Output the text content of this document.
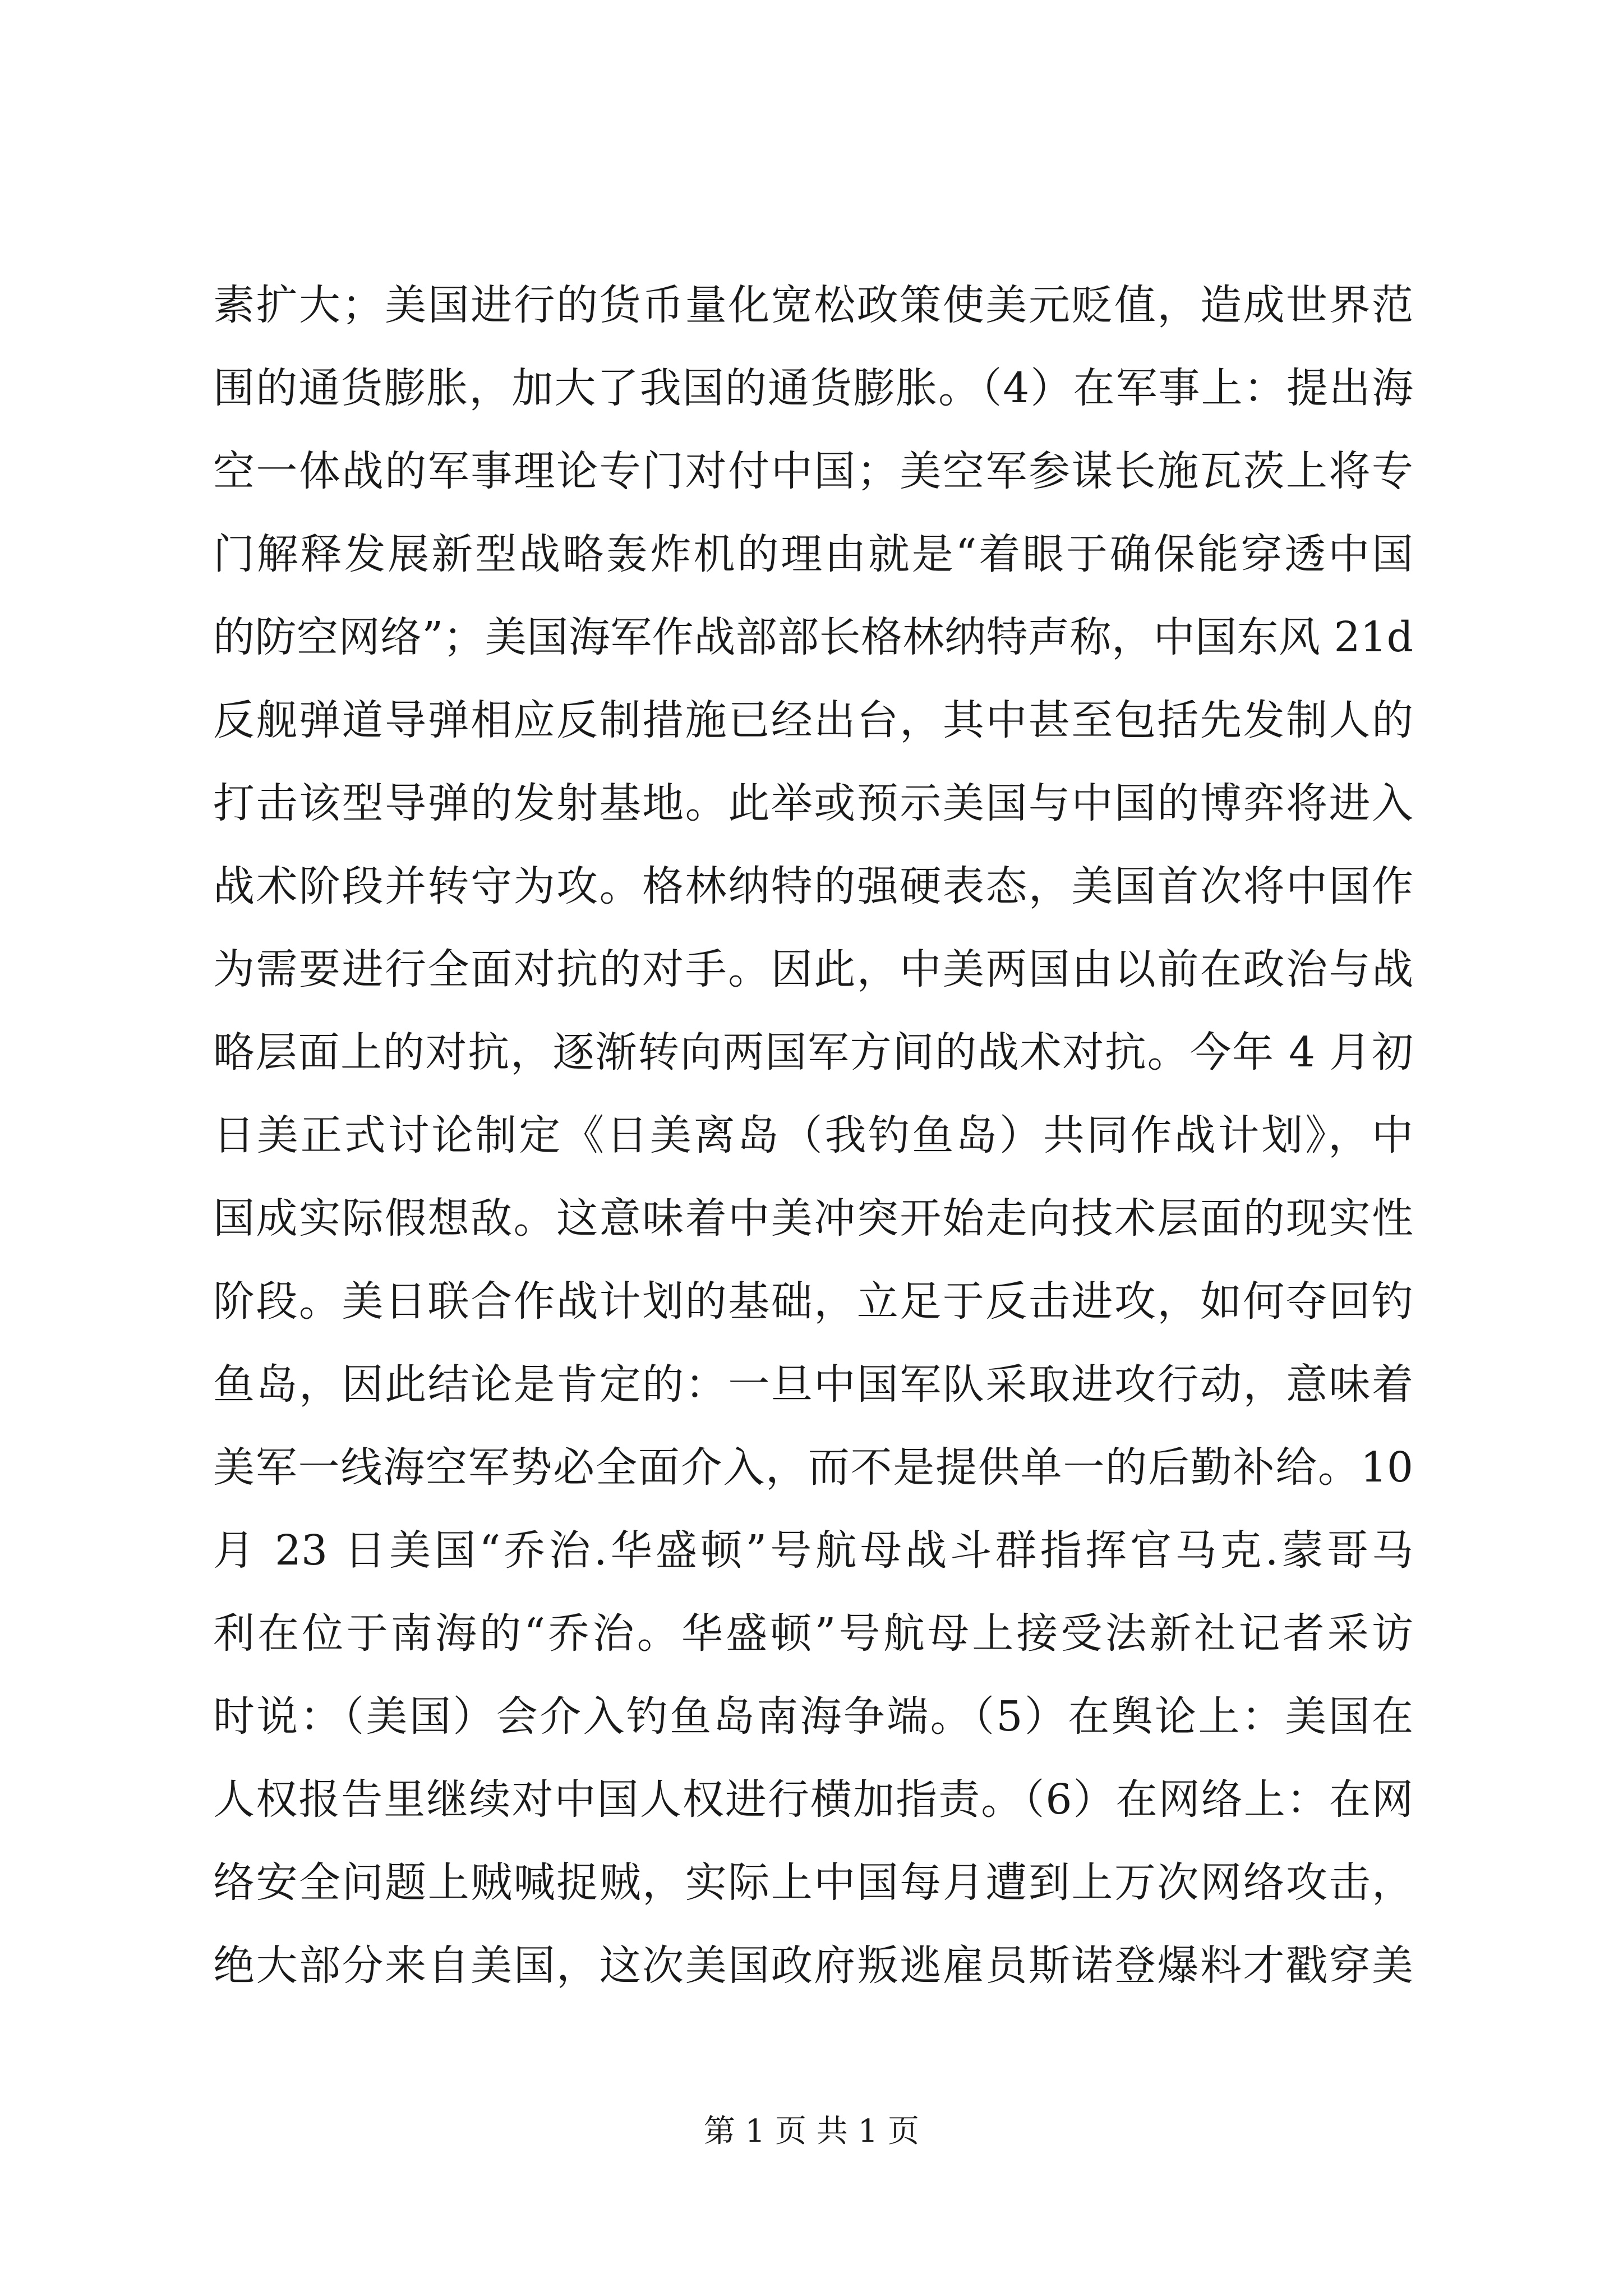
素扩大；美国进行的货币量化宽松政策使美元贬值，造成世界范
围的通货膨胀，加大了我国的通货膨胀。（4）在军事上：提出海
空一体战的军事理论专门对付中国；美空军参谋长施瓦茨上将专
门解释发展新型战略轰炸机的理由就是“着眼于确保能穿透中国
的防空网络”；美国海军作战部部长格林纳特声称，中国东风 21d
反舰弹道导弹相应反制措施已经出台，其中甚至包括先发制人的
打击该型导弹的发射基地。此举或预示美国与中国的博弈将进入
战术阶段并转守为攻。格林纳特的强硬表态，美国首次将中国作
为需要进行全面对抗的对手。因此，中美两国由以前在政治与战
略层面上的对抗，逐渐转向两国军方间的战术对抗。今年 4 月初
日美正式讨论制定《日美离岛（我钓鱼岛）共同作战计划》，中
国成实际假想敌。这意味着中美冲突开始走向技术层面的现实性
阶段。美日联合作战计划的基础，立足于反击进攻，如何夺回钓
鱼岛，因此结论是肯定的：一旦中国军队采取进攻行动，意味着
美军一线海空军势必全面介入，而不是提供单一的后勤补给。10
月 23 日美国“乔治.华盛顿”号航母战斗群指挥官马克.蒙哥马
利在位于南海的“乔治。华盛顿”号航母上接受法新社记者采访
时说：（美国）会介入钓鱼岛南海争端。（5）在舆论上：美国在
人权报告里继续对中国人权进行横加指责。（6）在网络上：在网
络安全问题上贼喊捉贼，实际上中国每月遭到上万次网络攻击，
绝大部分来自美国，这次美国政府叛逃雇员斯诺登爆料才戳穿美
第 1 页 共 1 页
